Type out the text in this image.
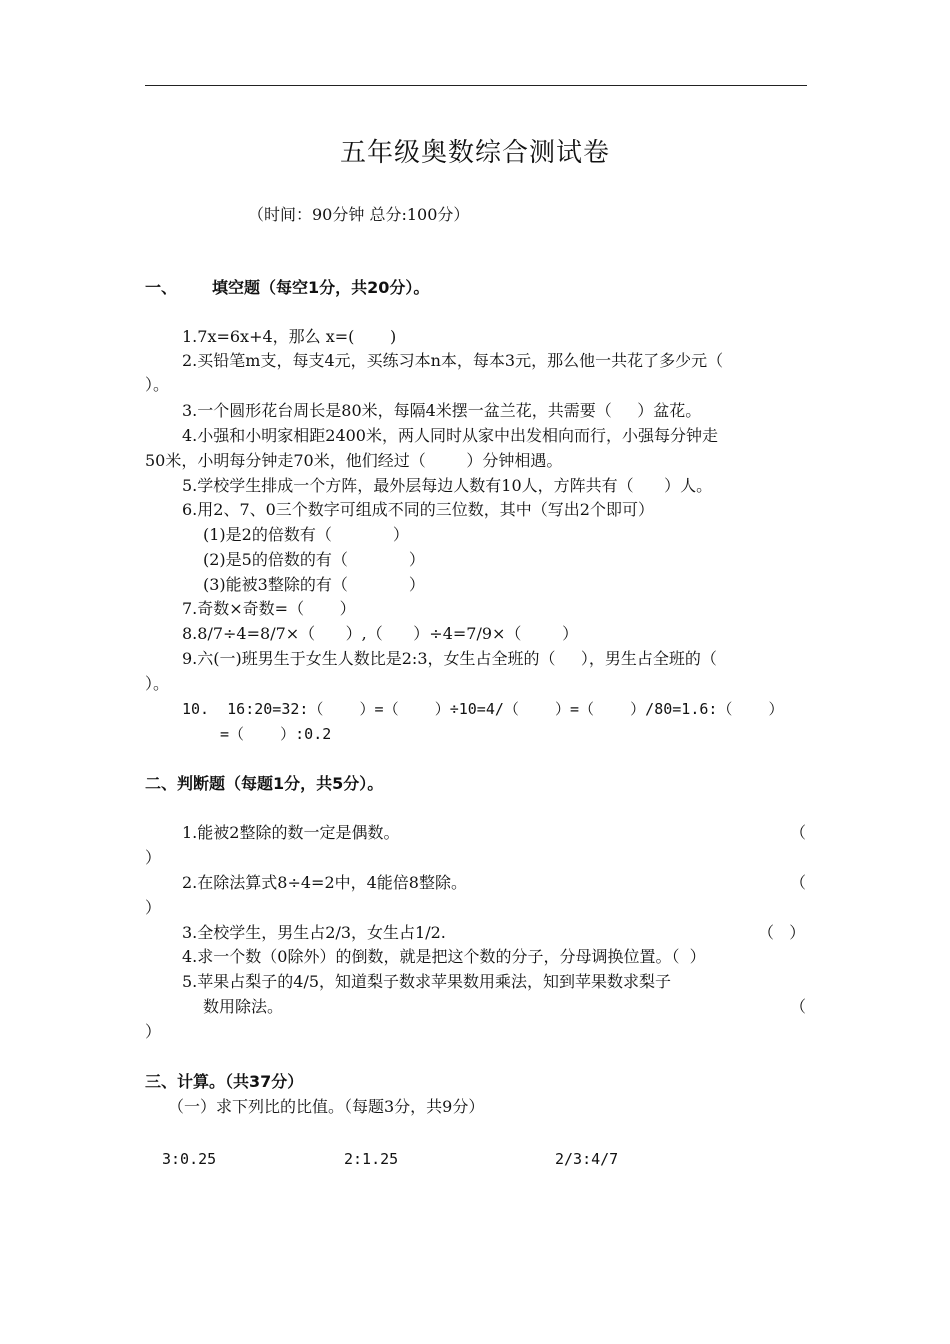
五年级奥数综合测试卷
（时间：90分钟 总分:100分）
一、 填空题（每空1分，共20分）。
1.7x=6x+4，那么 x=(       )
2.买铅笔m支，每支4元，买练习本n本，每本3元，那么他一共花了多少元（
）。
3.一个圆形花台周长是80米，每隔4米摆一盆兰花，共需要（     ）盆花。
4.小强和小明家相距2400米，两人同时从家中出发相向而行，小强每分钟走
50米，小明每分钟走70米，他们经过（        ）分钟相遇。
5.学校学生排成一个方阵，最外层每边人数有10人，方阵共有（      ）人。
6.用2、7、0三个数字可组成不同的三位数，其中（写出2个即可）
(1)是2的倍数有（            ）
(2)是5的倍数的有（            ）
(3)能被3整除的有（            ）
7.奇数×奇数=（       ）
8.8/7÷4=8/7×（      ）,（      ）÷4=7/9×（        ）
9.六(一)班男生于女生人数比是2:3，女生占全班的（     ），男生占全班的（
）。
10.  16:20=32:（    ）=（    ）÷10=4/（    ）=（    ）/80=1.6:（    ）
=（    ）:0.2
二、判断题（每题1分，共5分）。
1.能被2整除的数一定是偶数。	（
）
2.在除法算式8÷4=2中，4能倍8整除。	（
）
3.全校学生，男生占2/3，女生占1/2.	（   ）
4.求一个数（0除外）的倒数，就是把这个数的分子，分母调换位置。（  ）
5.苹果占梨子的4/5，知道梨子数求苹果数用乘法，知到苹果数求梨子
数用除法。	（
）
三、计算。（共37分）
（一）求下列比的比值。（每题3分，共9分）
3:0.25	2:1.25	2/3:4/7
